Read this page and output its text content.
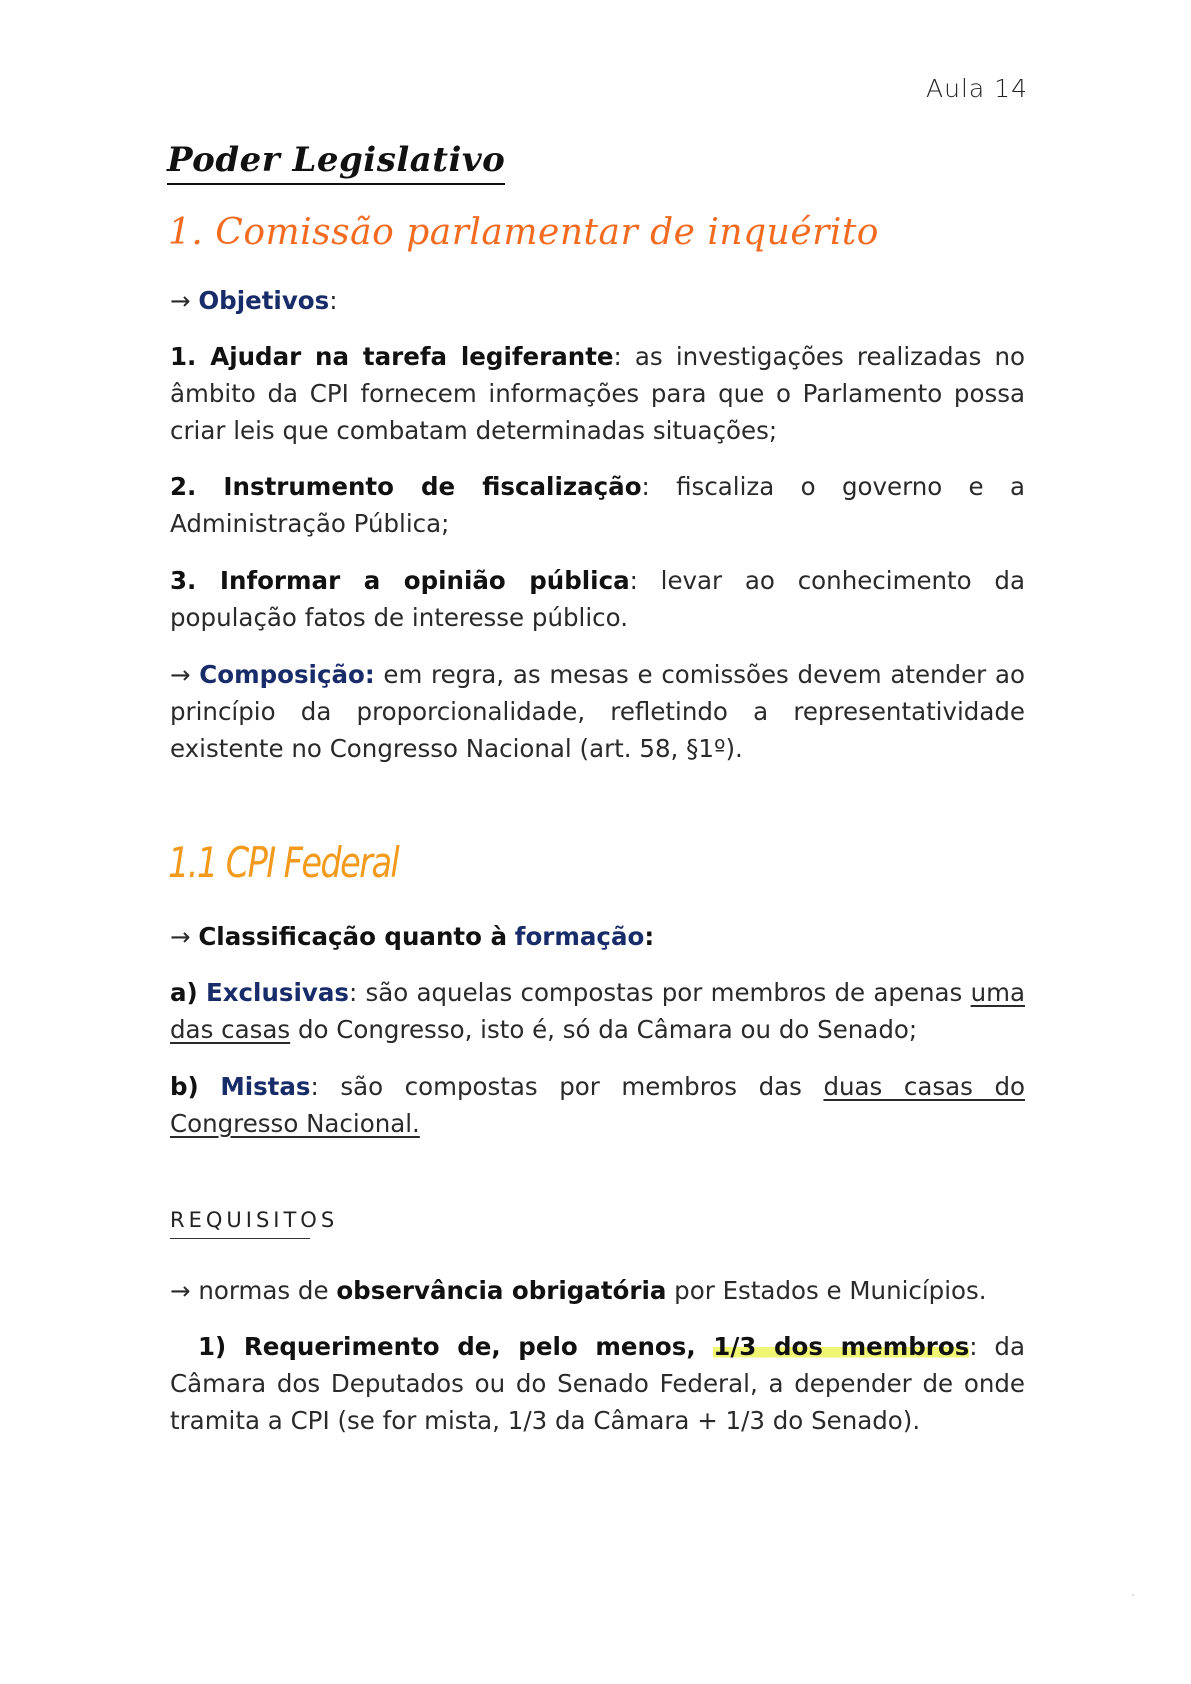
Aula 14
Poder Legislativo
1. Comissão parlamentar de inquérito
→ Objetivos:
1. Ajudar na tarefa legiferante: as investigações realizadas no âmbito da CPI fornecem informações para que o Parlamento possa criar leis que combatam determinadas situações;
2. Instrumento de fiscalização: fiscaliza o governo e a Administração Pública;
3. Informar a opinião pública: levar ao conhecimento da população fatos de interesse público.
→ Composição: em regra, as mesas e comissões devem atender ao princípio da proporcionalidade, refletindo a representatividade existente no Congresso Nacional (art. 58, §1º).
1.1 CPI Federal
→ Classificação quanto à formação:
a) Exclusivas: são aquelas compostas por membros de apenas uma das casas do Congresso, isto é, só da Câmara ou do Senado;
b) Mistas: são compostas por membros das duas casas do Congresso Nacional.
REQUISITOS
→ normas de observância obrigatória por Estados e Municípios.
1) Requerimento de, pelo menos, 1/3 dos membros: da Câmara dos Deputados ou do Senado Federal, a depender de onde tramita a CPI (se for mista, 1/3 da Câmara + 1/3 do Senado).
